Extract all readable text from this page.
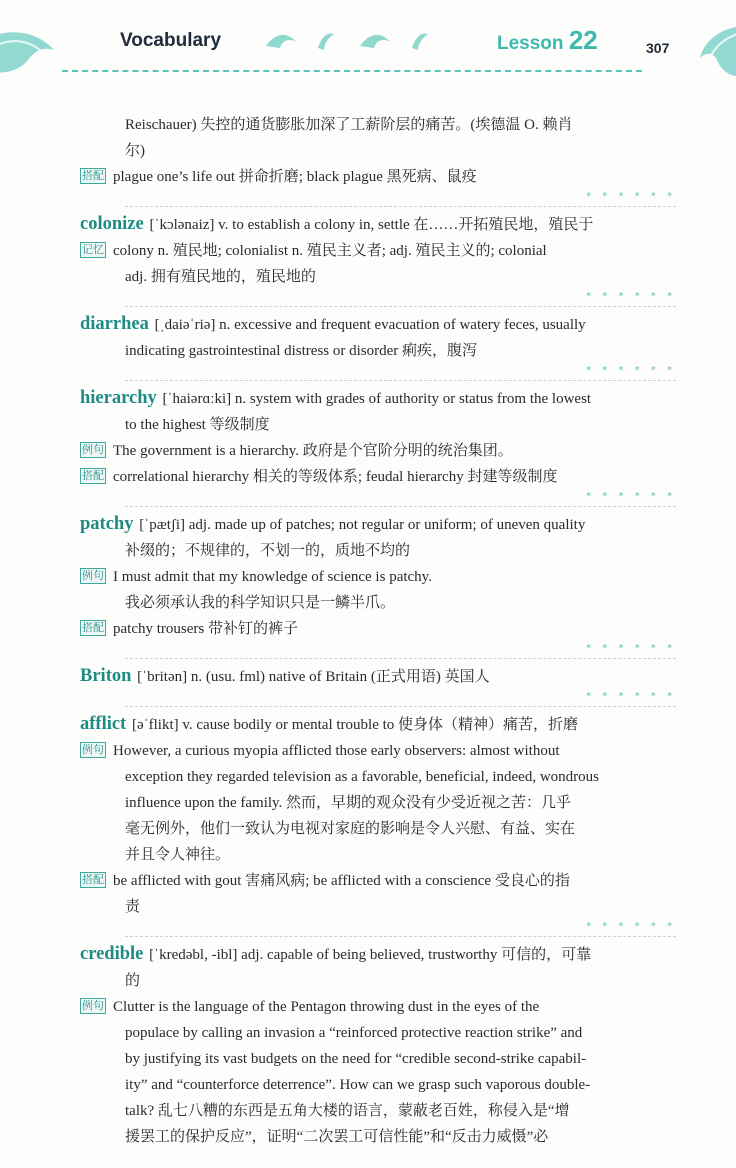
Vocabulary	Lesson 22	307
Reischauer) 失控的通货膨胀加深了工薪阶层的痛苦。(埃德温 O. 赖肖
尔)
搭配 plague one’s life out 拼命折磨; black plague 黑死病、鼠疫
* * * * * *
colonize [ˈkɔlənaiz] v. to establish a colony in, settle 在……开拓殖民地，殖民于
记忆 colony n. 殖民地; colonialist n. 殖民主义者; adj. 殖民主义的; colonial
adj. 拥有殖民地的，殖民地的
* * * * * *
diarrhea [ˌdaiəˈriə] n. excessive and frequent evacuation of watery feces, usually
indicating gastrointestinal distress or disorder 痢疾，腹泻
* * * * * *
hierarchy [ˈhaiərɑːki] n. system with grades of authority or status from the lowest
to the highest 等级制度
例句 The government is a hierarchy. 政府是个官阶分明的统治集团。
搭配 correlational hierarchy 相关的等级体系; feudal hierarchy 封建等级制度
* * * * * *
patchy [ˈpætʃi] adj. made up of patches; not regular or uniform; of uneven quality
补缀的；不规律的，不划一的，质地不均的
例句 I must admit that my knowledge of science is patchy.
我必须承认我的科学知识只是一鳞半爪。
搭配 patchy trousers 带补钉的裤子
* * * * * *
Briton [ˈbritən] n. (usu. fml) native of Britain (正式用语) 英国人
* * * * * *
afflict [əˈflikt] v. cause bodily or mental trouble to 使身体（精神）痛苦，折磨
例句 However, a curious myopia afflicted those early observers: almost without
exception they regarded television as a favorable, beneficial, indeed, wondrous
influence upon the family. 然而，早期的观众没有少受近视之苦：几乎
毫无例外，他们一致认为电视对家庭的影响是令人兴慰、有益、实在
并且令人神往。
搭配 be afflicted with gout 害痛风病; be afflicted with a conscience 受良心的指
责
* * * * * *
credible [ˈkredəbl, -ibl] adj. capable of being believed, trustworthy 可信的，可靠
的
例句 Clutter is the language of the Pentagon throwing dust in the eyes of the
populace by calling an invasion a “reinforced protective reaction strike” and
by justifying its vast budgets on the need for “credible second-strike capabil-
ity” and “counterforce deterrence”. How can we grasp such vaporous double-
talk? 乱七八糟的东西是五角大楼的语言，蒙蔽老百姓，称侵入是“增
援罢工的保护反应”，证明“二次罢工可信性能”和“反击力威慑”必
